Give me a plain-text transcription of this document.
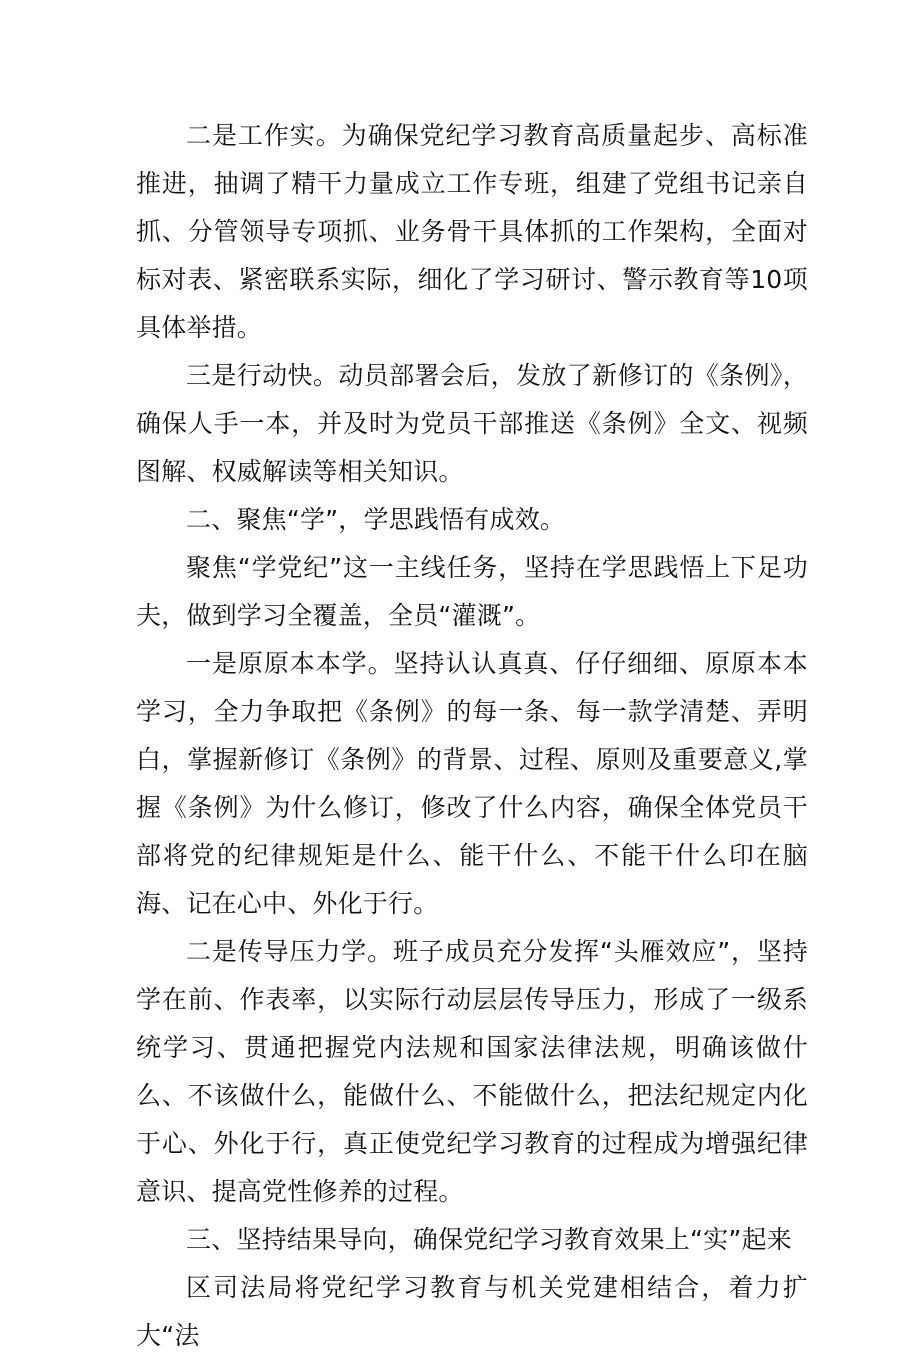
二是工作实。为确保党纪学习教育高质量起步、高标准推进，抽调了精干力量成立工作专班，组建了党组书记亲自抓、分管领导专项抓、业务骨干具体抓的工作架构，全面对标对表、紧密联系实际，细化了学习研讨、警示教育等10项具体举措。

三是行动快。动员部署会后，发放了新修订的《条例》，确保人手一本，并及时为党员干部推送《条例》全文、视频图解、权威解读等相关知识。

二、聚焦“学”，学思践悟有成效。

聚焦“学党纪”这一主线任务，坚持在学思践悟上下足功夫，做到学习全覆盖，全员“灌溉”。

一是原原本本学。坚持认认真真、仔仔细细、原原本本学习，全力争取把《条例》的每一条、每一款学清楚、弄明白，掌握新修订《条例》的背景、过程、原则及重要意义,掌握《条例》为什么修订，修改了什么内容，确保全体党员干部将党的纪律规矩是什么、能干什么、不能干什么印在脑海、记在心中、外化于行。

二是传导压力学。班子成员充分发挥“头雁效应”，坚持学在前、作表率，以实际行动层层传导压力，形成了一级系统学习、贯通把握党内法规和国家法律法规，明确该做什么、不该做什么，能做什么、不能做什么，把法纪规定内化于心、外化于行，真正使党纪学习教育的过程成为增强纪律意识、提高党性修养的过程。

三、坚持结果导向，确保党纪学习教育效果上“实”起来

区司法局将党纪学习教育与机关党建相结合，着力扩大“法
